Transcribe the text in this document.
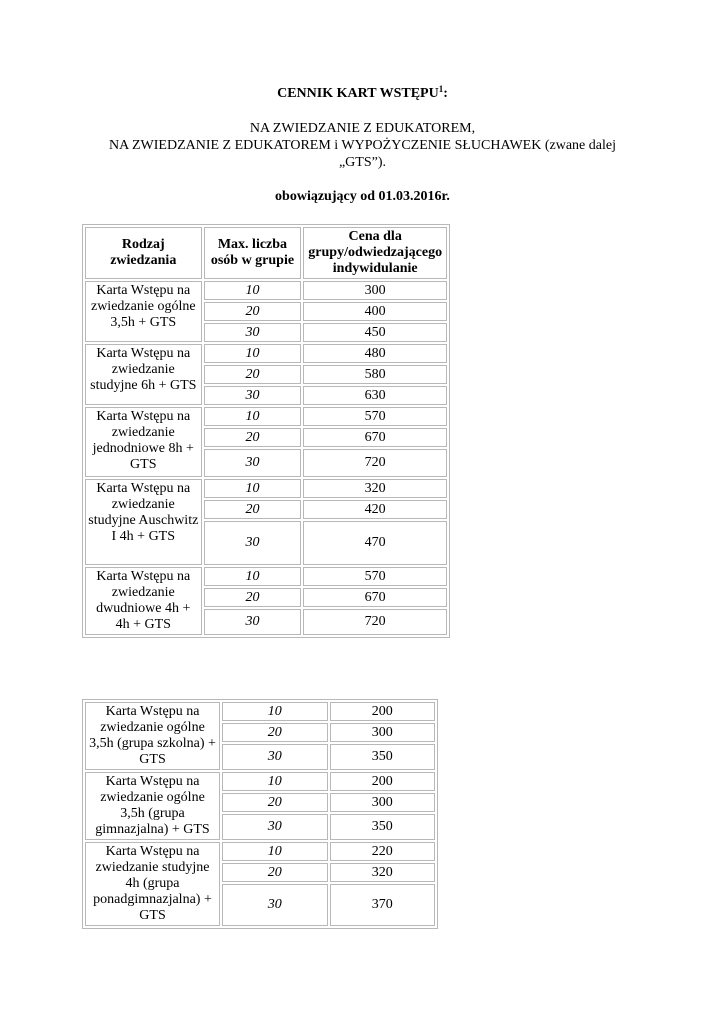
CENNIK KART WSTĘPU$^1$:
NA ZWIEDZANIE Z EDUKATOREM,
NA ZWIEDZANIE Z EDUKATOREM i WYPOŻYCZENIE SŁUCHAWEK (zwane dalej
„GTS”).
obowiązujący od 01.03.2016r.
Rodzaj zwiedzania	Max. liczba osób w grupie	Cena dla grupy/odwiedzającego indywidulanie
Karta Wstępu na zwiedzanie ogólne 3,5h + GTS	10	300
	20	400
	30	450
Karta Wstępu na zwiedzanie studyjne 6h + GTS	10	480
	20	580
	30	630
Karta Wstępu na zwiedzanie jednodniowe 8h + GTS	10	570
	20	670
	30	720
Karta Wstępu na zwiedzanie studyjne Auschwitz I 4h + GTS	10	320
	20	420
	30	470
Karta Wstępu na zwiedzanie dwudniowe 4h + 4h + GTS	10	570
	20	670
	30	720
Karta Wstępu na zwiedzanie ogólne 3,5h (grupa szkolna) + GTS	10	200
	20	300
	30	350
Karta Wstępu na zwiedzanie ogólne 3,5h (grupa gimnazjalna) + GTS	10	200
	20	300
	30	350
Karta Wstępu na zwiedzanie studyjne 4h (grupa ponadgimnazjalna) + GTS	10	220
	20	320
	30	370
